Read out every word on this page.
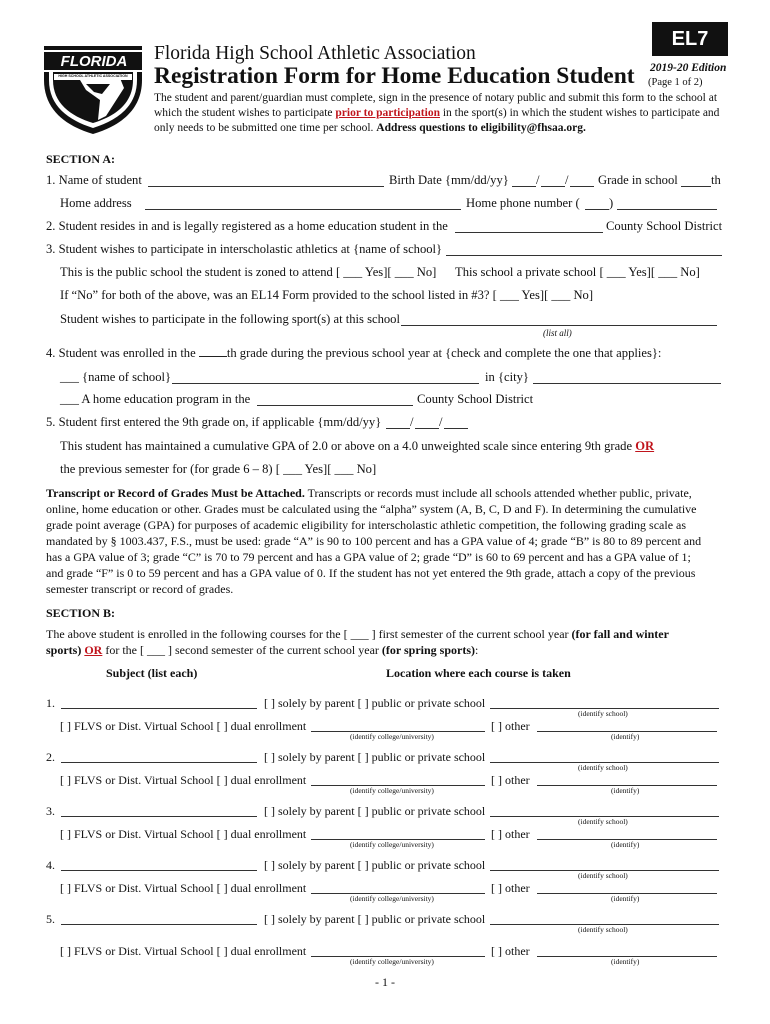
FLORIDA
HIGH SCHOOL ATHLETIC ASSOCIATION
EL7
Florida High School Athletic Association
Registration Form for Home Education Student 2019-20 Edition
(Page 1 of 2)
The student and parent/guardian must complete, sign in the presence of notary public and submit this form to the school at
which the student wishes to participate prior to participation in the sport(s) in which the student wishes to participate and
only needs to be submitted one time per school. Address questions to eligibility@fhsaa.org.
SECTION A:
1. Name of student	Birth Date {mm/dd/yy} / / Grade in school	th
Home address	Home phone number ( )
2. Student resides in and is legally registered as a home education student in the	County School District
3. Student wishes to participate in interscholastic athletics at {name of school}
This is the public school the student is zoned to attend [ ___ Yes][ ___ No] This school a private school [ ___ Yes][ ___ No]
If “No” for both of the above, was an EL14 Form provided to the school listed in #3? [ ___ Yes][ ___ No]
Student wishes to participate in the following sport(s) at this school
(list all)
4. Student was enrolled in the th grade during the previous school year at {check and complete the one that applies}:
___ {name of school}	in {city}
___ A home education program in the	County School District
5. Student first entered the 9th grade on, if applicable {mm/dd/yy} / /
This student has maintained a cumulative GPA of 2.0 or above on a 4.0 unweighted scale since entering 9th grade OR
the previous semester for (for grade 6 – 8) [ ___ Yes][ ___ No]
Transcript or Record of Grades Must be Attached. Transcripts or records must include all schools attended whether public, private,
online, home education or other. Grades must be calculated using the “alpha” system (A, B, C, D and F). In determining the cumulative
grade point average (GPA) for purposes of academic eligibility for interscholastic athletic competition, the following grading scale as
mandated by § 1003.437, F.S., must be used: grade “A” is 90 to 100 percent and has a GPA value of 4; grade “B” is 80 to 89 percent and
has a GPA value of 3; grade “C” is 70 to 79 percent and has a GPA value of 2; grade “D” is 60 to 69 percent and has a GPA value of 1;
and grade “F” is 0 to 59 percent and has a GPA value of 0. If the student has not yet entered the 9th grade, attach a copy of the previous
semester transcript or record of grades.
SECTION B:
The above student is enrolled in the following courses for the [ ___ ] first semester of the current school year (for fall and winter
sports) OR for the [ ___ ] second semester of the current school year (for spring sports):
Subject (list each)	Location where each course is taken
1.	[ ] solely by parent [ ] public or private school
(identify school)
[ ] FLVS or Dist. Virtual School [ ] dual enrollment
(identify college/university)
[ ] other
(identify)
2.	[ ] solely by parent [ ] public or private school
(identify school)
[ ] FLVS or Dist. Virtual School [ ] dual enrollment
(identify college/university)
[ ] other
(identify)
3.	[ ] solely by parent [ ] public or private school
(identify school)
[ ] FLVS or Dist. Virtual School [ ] dual enrollment
(identify college/university)
[ ] other
(identify)
4.	[ ] solely by parent [ ] public or private school
(identify school)
[ ] FLVS or Dist. Virtual School [ ] dual enrollment
(identify college/university)
[ ] other
(identify)
5.	[ ] solely by parent [ ] public or private school
(identify school)
[ ] FLVS or Dist. Virtual School [ ] dual enrollment
(identify college/university)
[ ] other
(identify)
- 1 -
